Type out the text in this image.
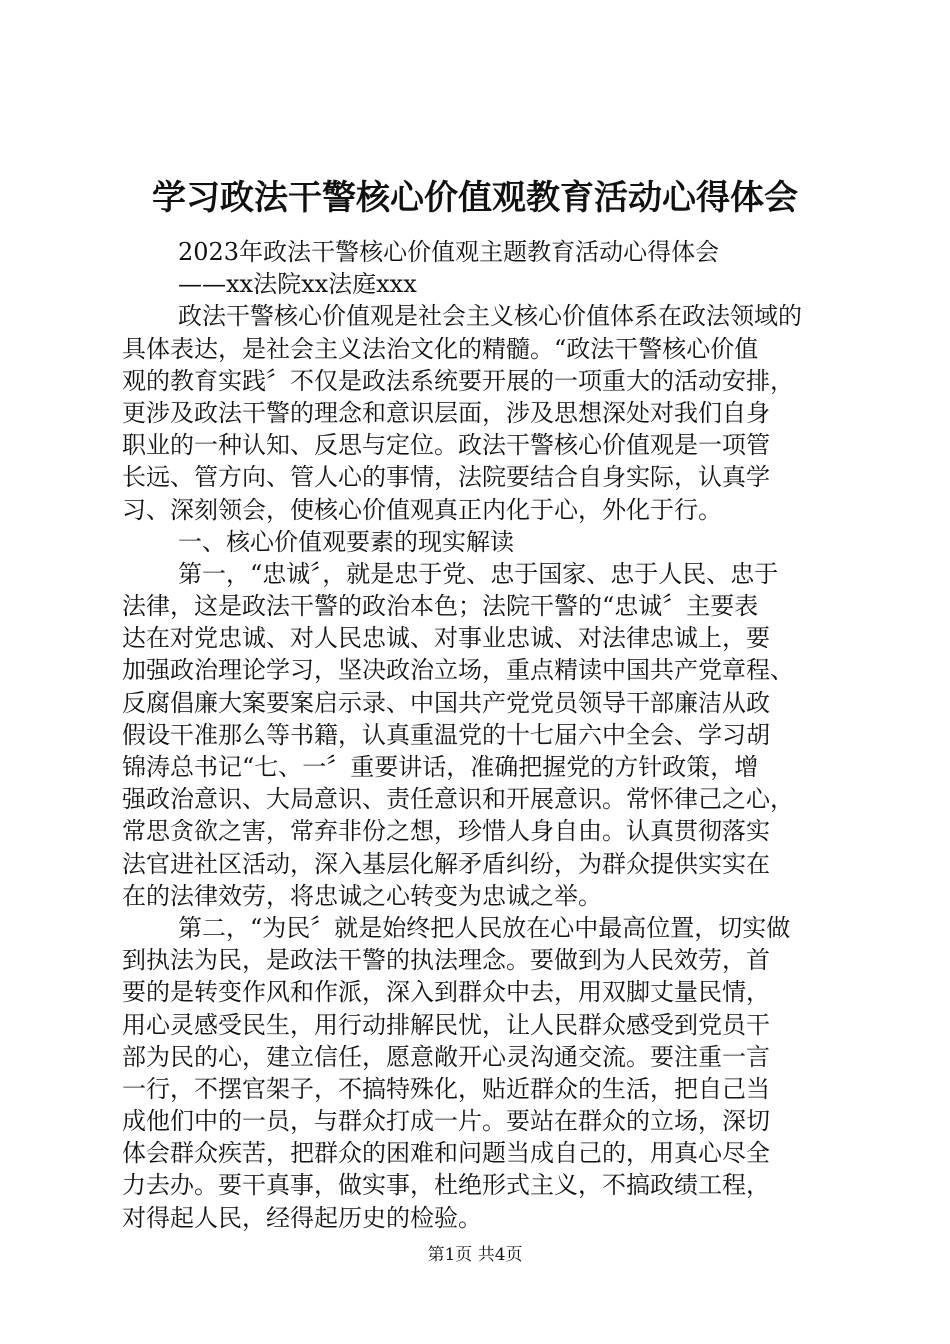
学习政法干警核心价值观教育活动心得体会
2023年政法干警核心价值观主题教育活动心得体会
——xx法院xx法庭xxx
政法干警核心价值观是社会主义核心价值体系在政法领域的
具体表达，是社会主义法治文化的精髓。“政法干警核心价值
观的教育实践〞不仅是政法系统要开展的一项重大的活动安排，
更涉及政法干警的理念和意识层面，涉及思想深处对我们自身
职业的一种认知、反思与定位。政法干警核心价值观是一项管
长远、管方向、管人心的事情，法院要结合自身实际，认真学
习、深刻领会，使核心价值观真正内化于心，外化于行。
一、核心价值观要素的现实解读
第一，“忠诚〞，就是忠于党、忠于国家、忠于人民、忠于
法律，这是政法干警的政治本色；法院干警的“忠诚〞主要表
达在对党忠诚、对人民忠诚、对事业忠诚、对法律忠诚上，要
加强政治理论学习，坚决政治立场，重点精读中国共产党章程、
反腐倡廉大案要案启示录、中国共产党党员领导干部廉洁从政
假设干准那么等书籍，认真重温党的十七届六中全会、学习胡
锦涛总书记“七、一〞重要讲话，准确把握党的方针政策，增
强政治意识、大局意识、责任意识和开展意识。常怀律己之心，
常思贪欲之害，常弃非份之想，珍惜人身自由。认真贯彻落实
法官进社区活动，深入基层化解矛盾纠纷，为群众提供实实在
在的法律效劳，将忠诚之心转变为忠诚之举。
第二，“为民〞就是始终把人民放在心中最高位置，切实做
到执法为民，是政法干警的执法理念。要做到为人民效劳，首
要的是转变作风和作派，深入到群众中去，用双脚丈量民情，
用心灵感受民生，用行动排解民忧，让人民群众感受到党员干
部为民的心，建立信任，愿意敞开心灵沟通交流。要注重一言
一行，不摆官架子，不搞特殊化，贴近群众的生活，把自己当
成他们中的一员，与群众打成一片。要站在群众的立场，深切
体会群众疾苦，把群众的困难和问题当成自己的，用真心尽全
力去办。要干真事，做实事，杜绝形式主义，不搞政绩工程，
对得起人民，经得起历史的检验。
第1页 共4页
